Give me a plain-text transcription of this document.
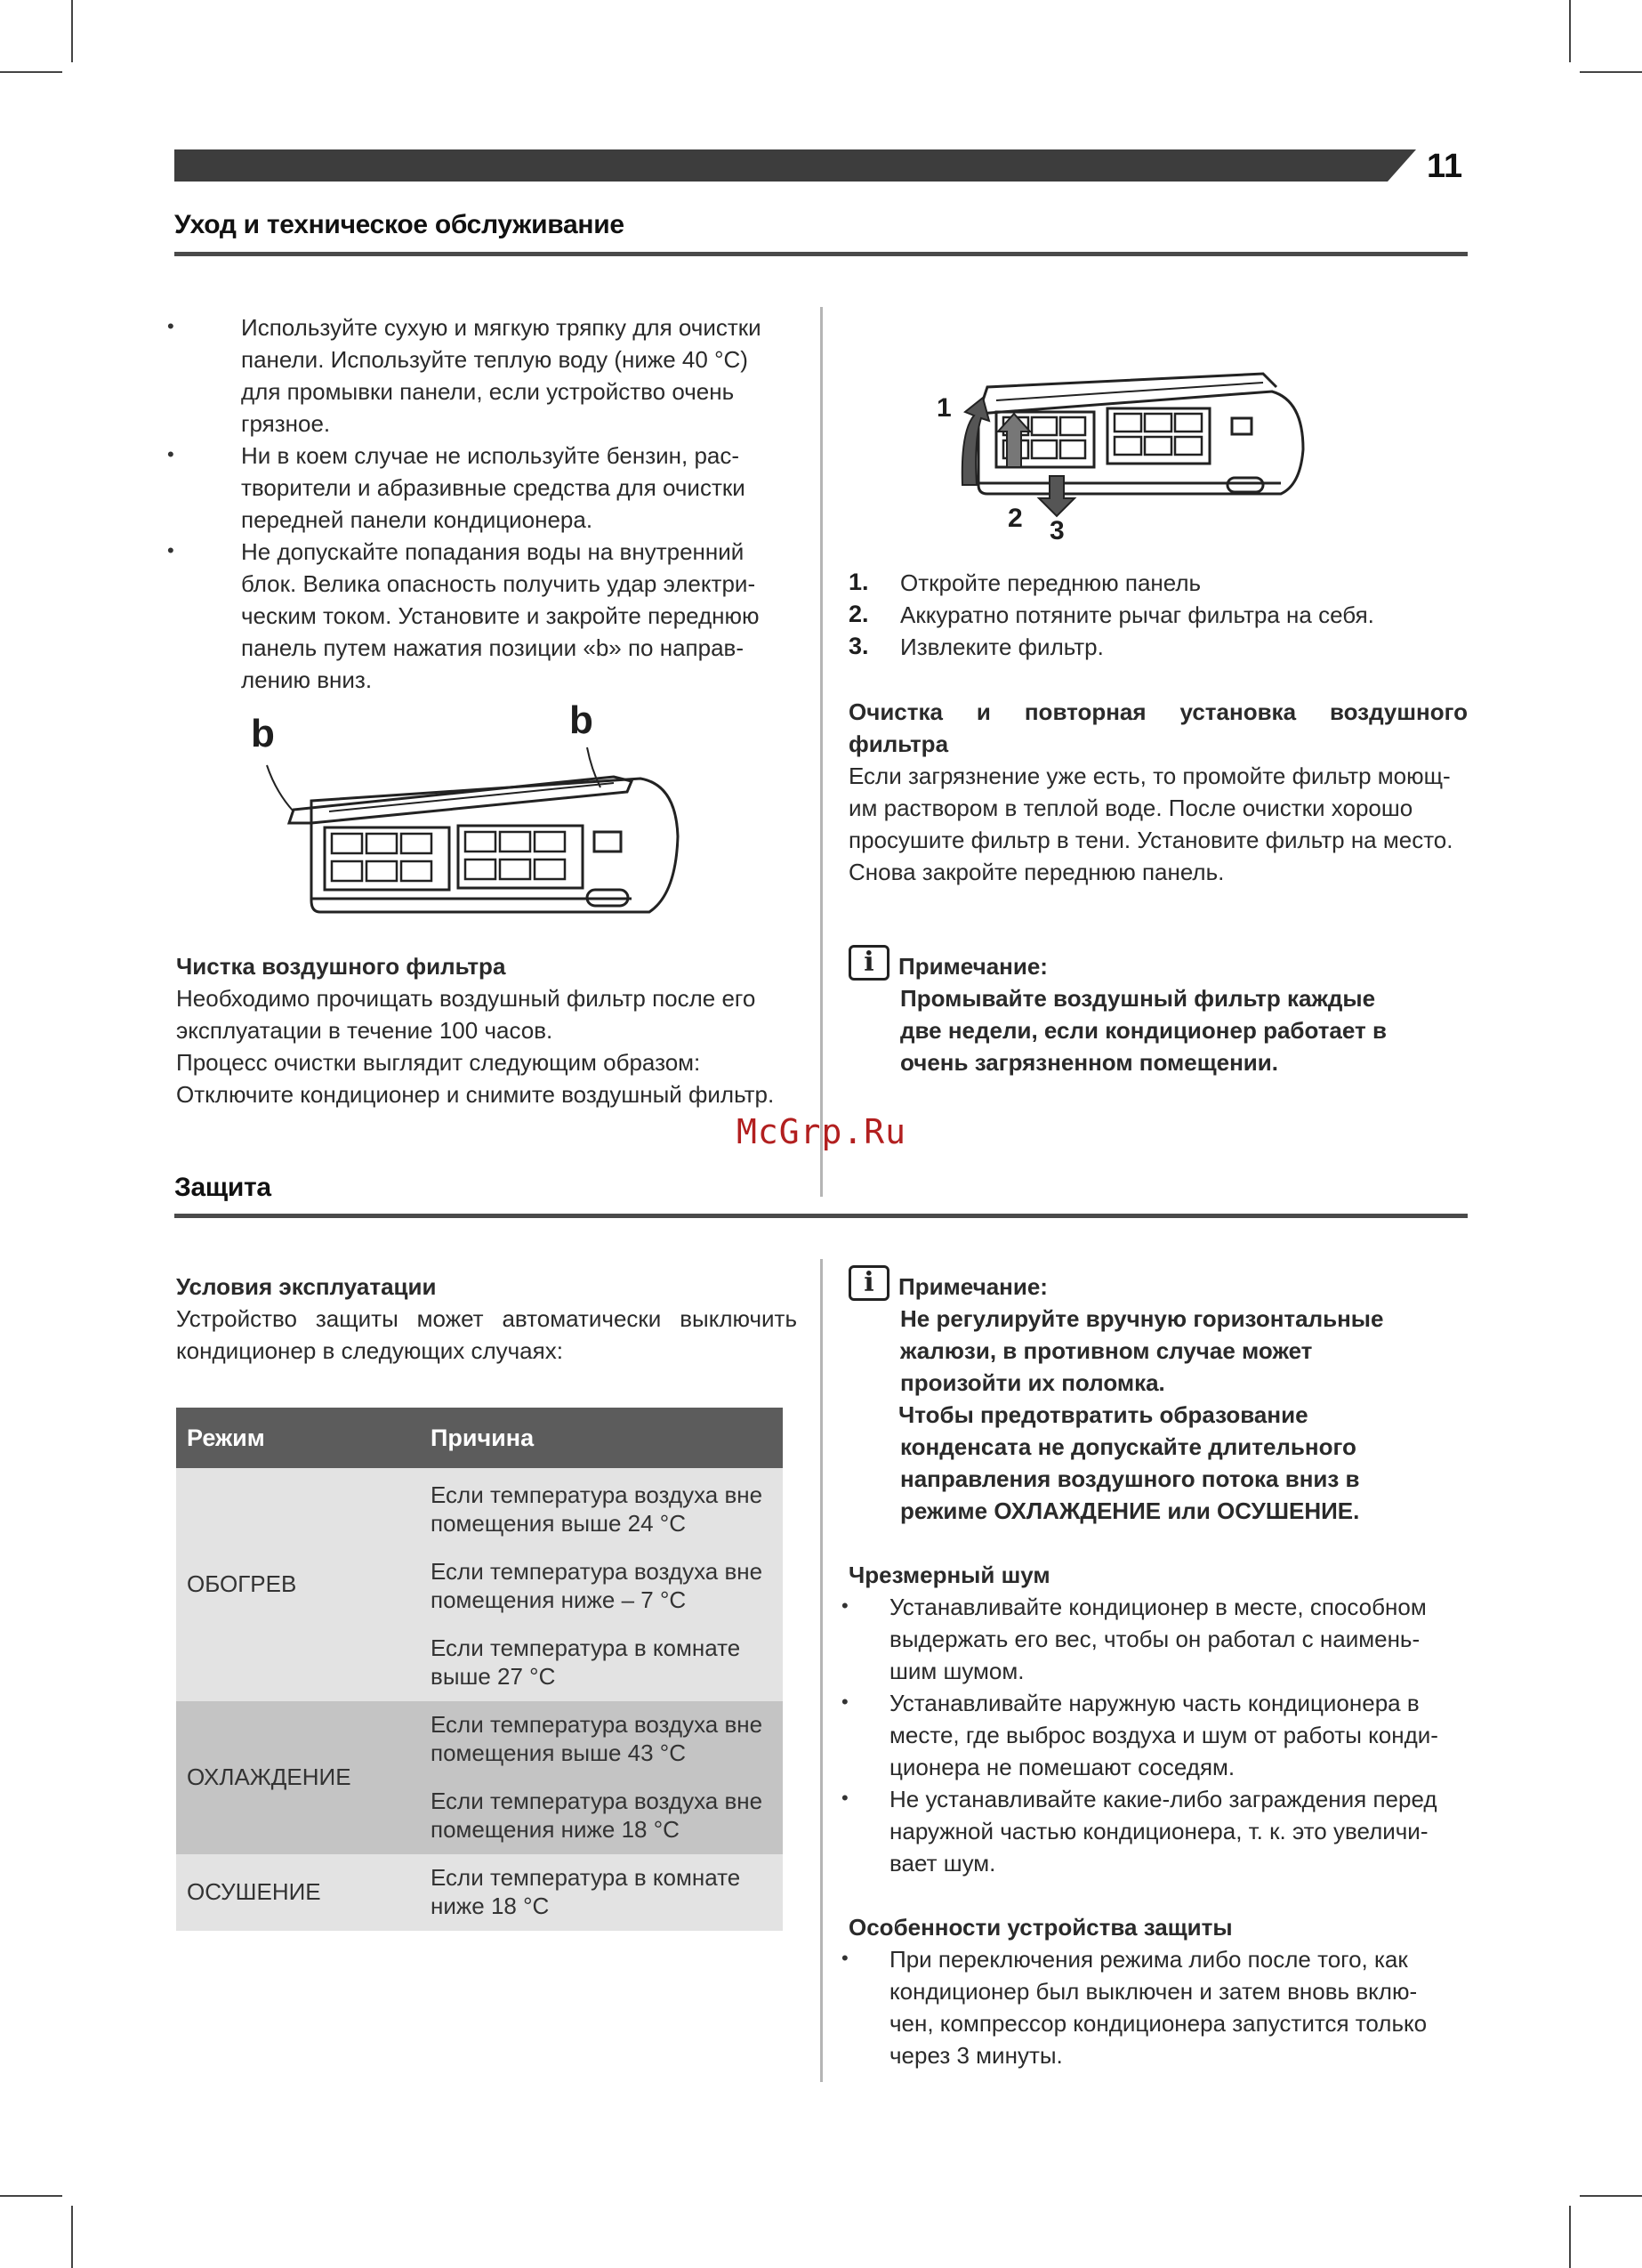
11
Уход и техническое обслуживание
•	Используйте сухую и мягкую тряпку для очистки
панели. Используйте теплую воду (ниже 40 °C)
для промывки панели, если устройство очень
грязное.
•	Ни в коем случае не используйте бензин, рас-
творители и абразивные средства для очистки
передней панели кондиционера.
•	Не допускайте попадания воды на внутренний
блок. Велика опасность получить удар электри-
ческим током. Установите и закройте переднюю
панель путем нажатия позиции «b» по направ-
лению вниз.
b	b
Чистка воздушного фильтра
Необходимо прочищать воздушный фильтр после его
эксплуатации в течение 100 часов.
Процесс очистки выглядит следующим образом:
Отключите кондиционер и снимите воздушный фильтр.
1
2 3
1. Откройте переднюю панель
2. Аккуратно потяните рычаг фильтра на себя.
3. Извлеките фильтр.
Очистка и повторная установка воздушного
фильтра
Если загрязнение уже есть, то промойте фильтр моющ-
им раствором в теплой воде. После очистки хорошо
просушите фильтр в тени. Установите фильтр на место.
Снова закройте переднюю панель.
i	Примечание:
Промывайте воздушный фильтр каждые
две недели, если кондиционер работает в
очень загрязненном помещении.
McGrp.Ru
Защита
Условия эксплуатации
Устройство защиты может автоматически выключить
кондиционер в следующих случаях:
Режим	Причина
ОБОГРЕВ	Если температура воздуха вне
помещения выше 24 °C

	Если температура воздуха вне
помещения ниже – 7 °C

	Если температура в комнате
выше 27 °C

ОХЛАЖДЕНИЕ	Если температура воздуха вне
помещения выше 43 °C

	Если температура воздуха вне
помещения ниже 18 °C

ОСУШЕНИЕ	Если температура в комнате
ниже 18 °C
i	Примечание:
Не регулируйте вручную горизонтальные
жалюзи, в противном случае может
произойти их поломка.
Чтобы предотвратить образование
конденсата не допускайте длительного
направления воздушного потока вниз в
режиме ОХЛАЖДЕНИЕ или ОСУШЕНИЕ.
Чрезмерный шум
• Устанавливайте кондиционер в месте, способном
выдержать его вес, чтобы он работал с наимень-
шим шумом.
• Устанавливайте наружную часть кондиционера в
месте, где выброс воздуха и шум от работы конди-
ционера не помешают соседям.
• Не устанавливайте какие-либо заграждения перед
наружной частью кондиционера, т. к. это увеличи-
вает шум.
Особенности устройства защиты
• При переключения режима либо после того, как
кондиционер был выключен и затем вновь вклю-
чен, компрессор кондиционера запустится только
через 3 минуты.
